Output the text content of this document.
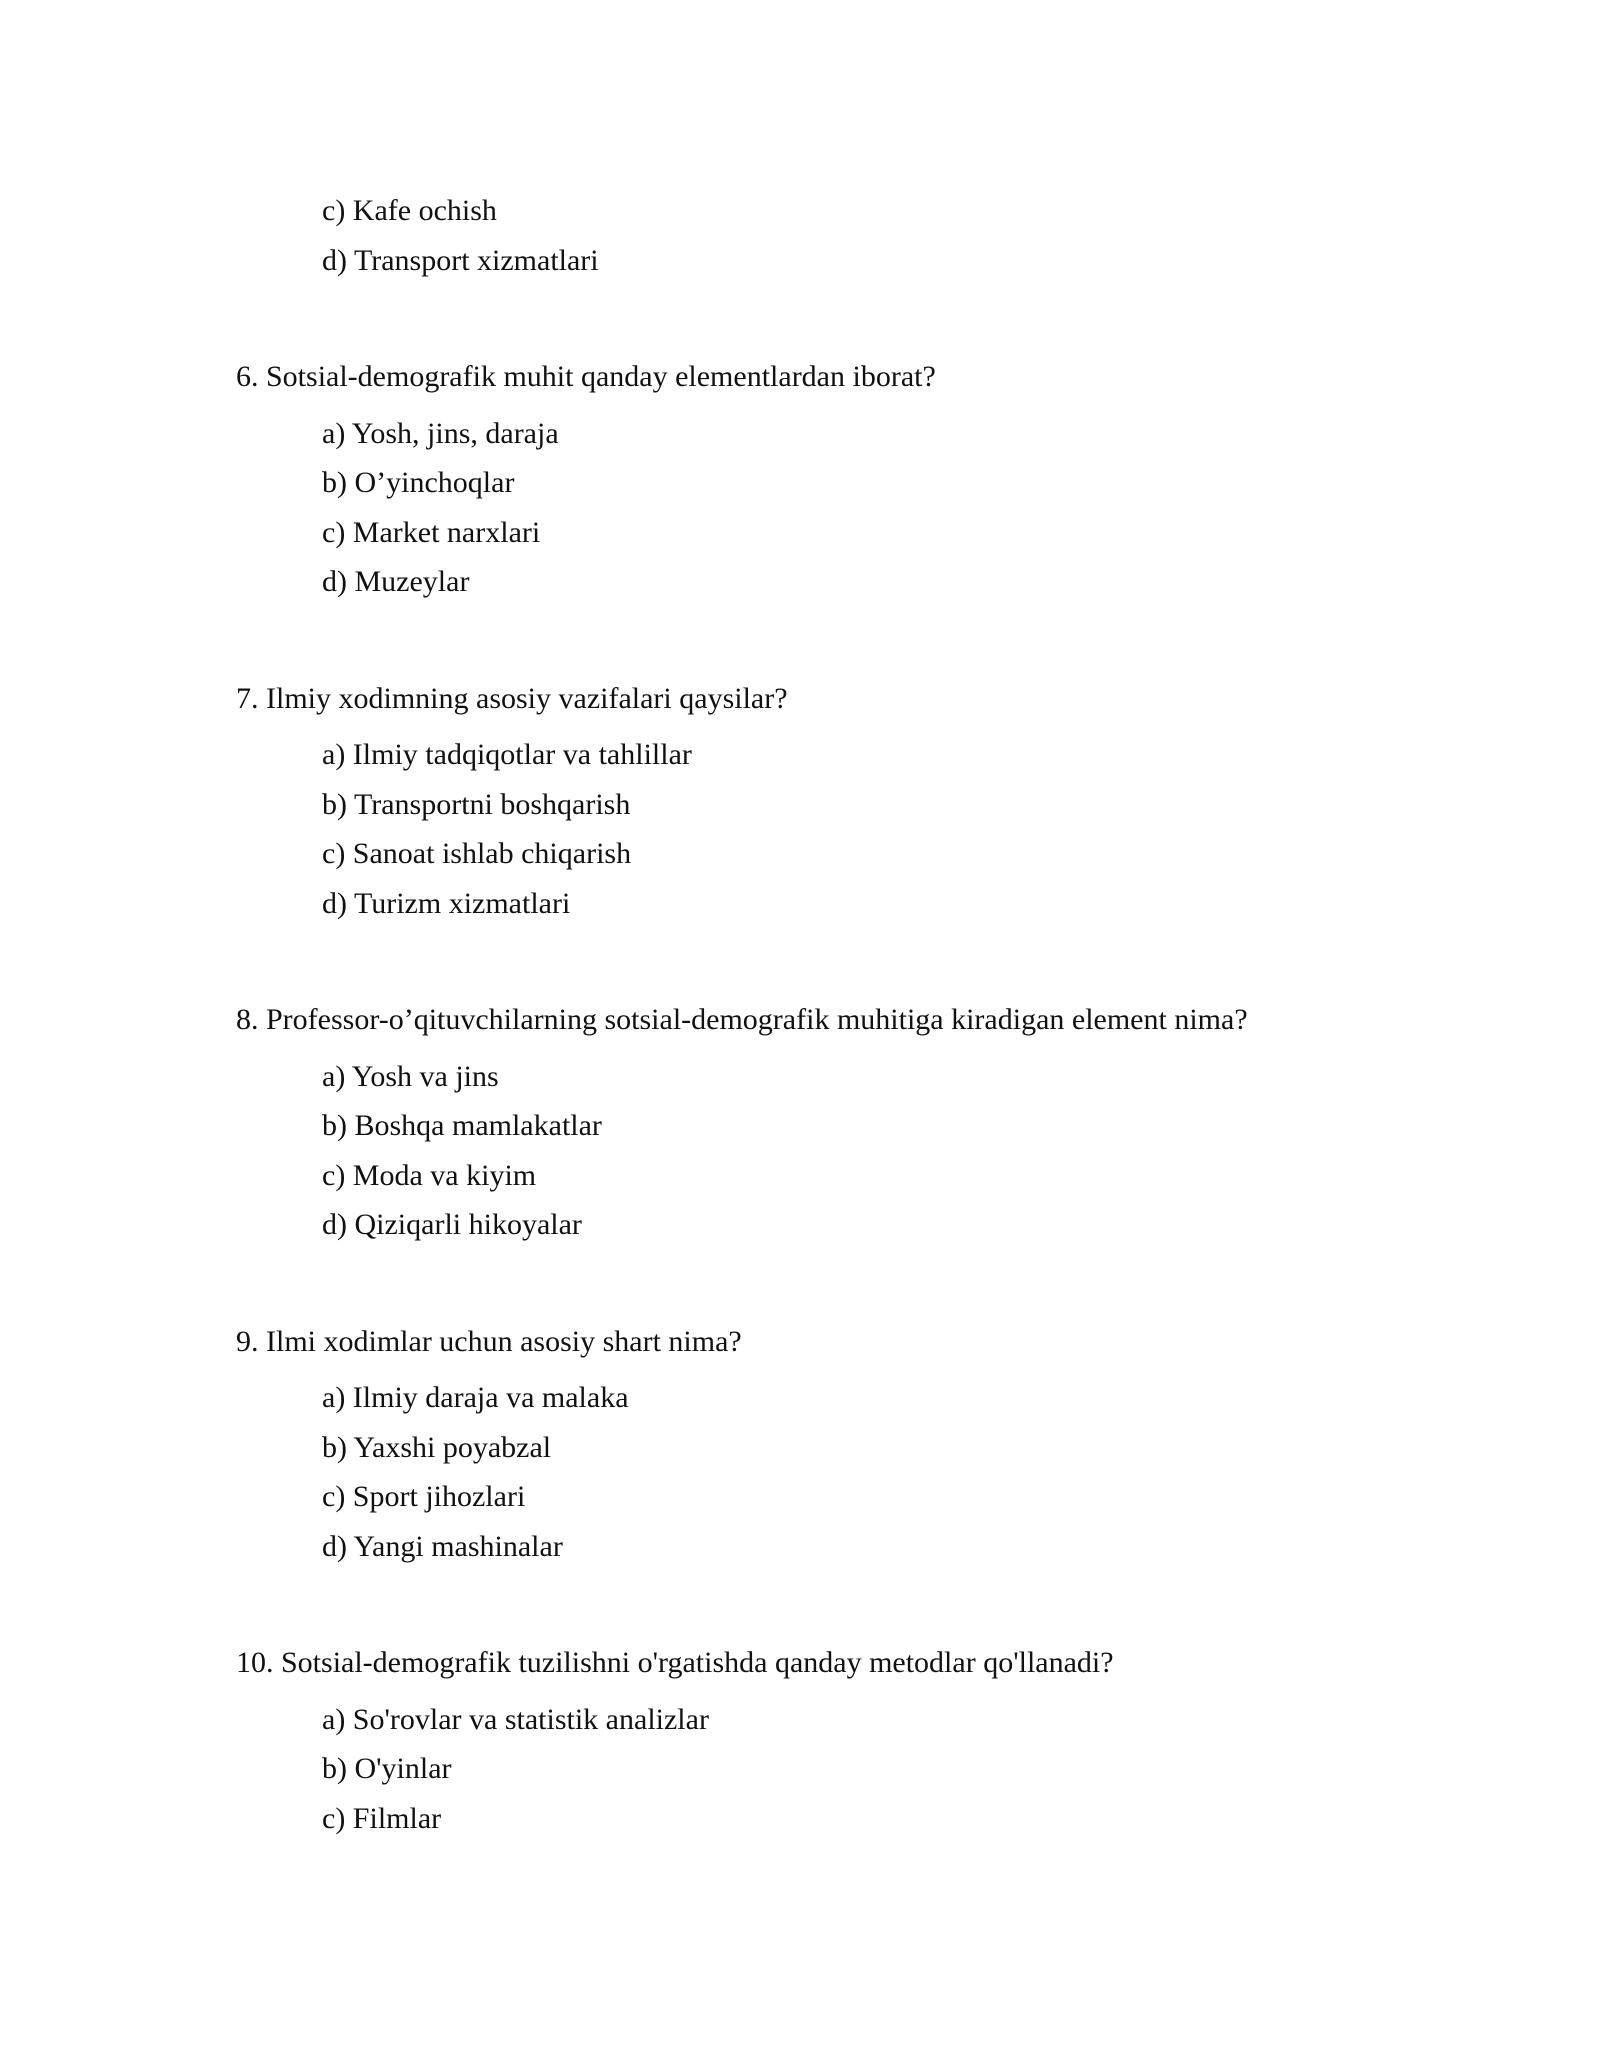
c) Kafe ochish
d) Transport xizmatlari
6. Sotsial-demografik muhit qanday elementlardan iborat?
a) Yosh, jins, daraja
b) O’yinchoqlar
c) Market narxlari
d) Muzeylar
7. Ilmiy xodimning asosiy vazifalari qaysilar?
a) Ilmiy tadqiqotlar va tahlillar
b) Transportni boshqarish
c) Sanoat ishlab chiqarish
d) Turizm xizmatlari
8. Professor-o’qituvchilarning sotsial-demografik muhitiga kiradigan element nima?
a) Yosh va jins
b) Boshqa mamlakatlar
c) Moda va kiyim
d) Qiziqarli hikoyalar
9. Ilmi xodimlar uchun asosiy shart nima?
a) Ilmiy daraja va malaka
b) Yaxshi poyabzal
c) Sport jihozlari
d) Yangi mashinalar
10. Sotsial-demografik tuzilishni o'rgatishda qanday metodlar qo'llanadi?
a) So'rovlar va statistik analizlar
b) O'yinlar
c) Filmlar
